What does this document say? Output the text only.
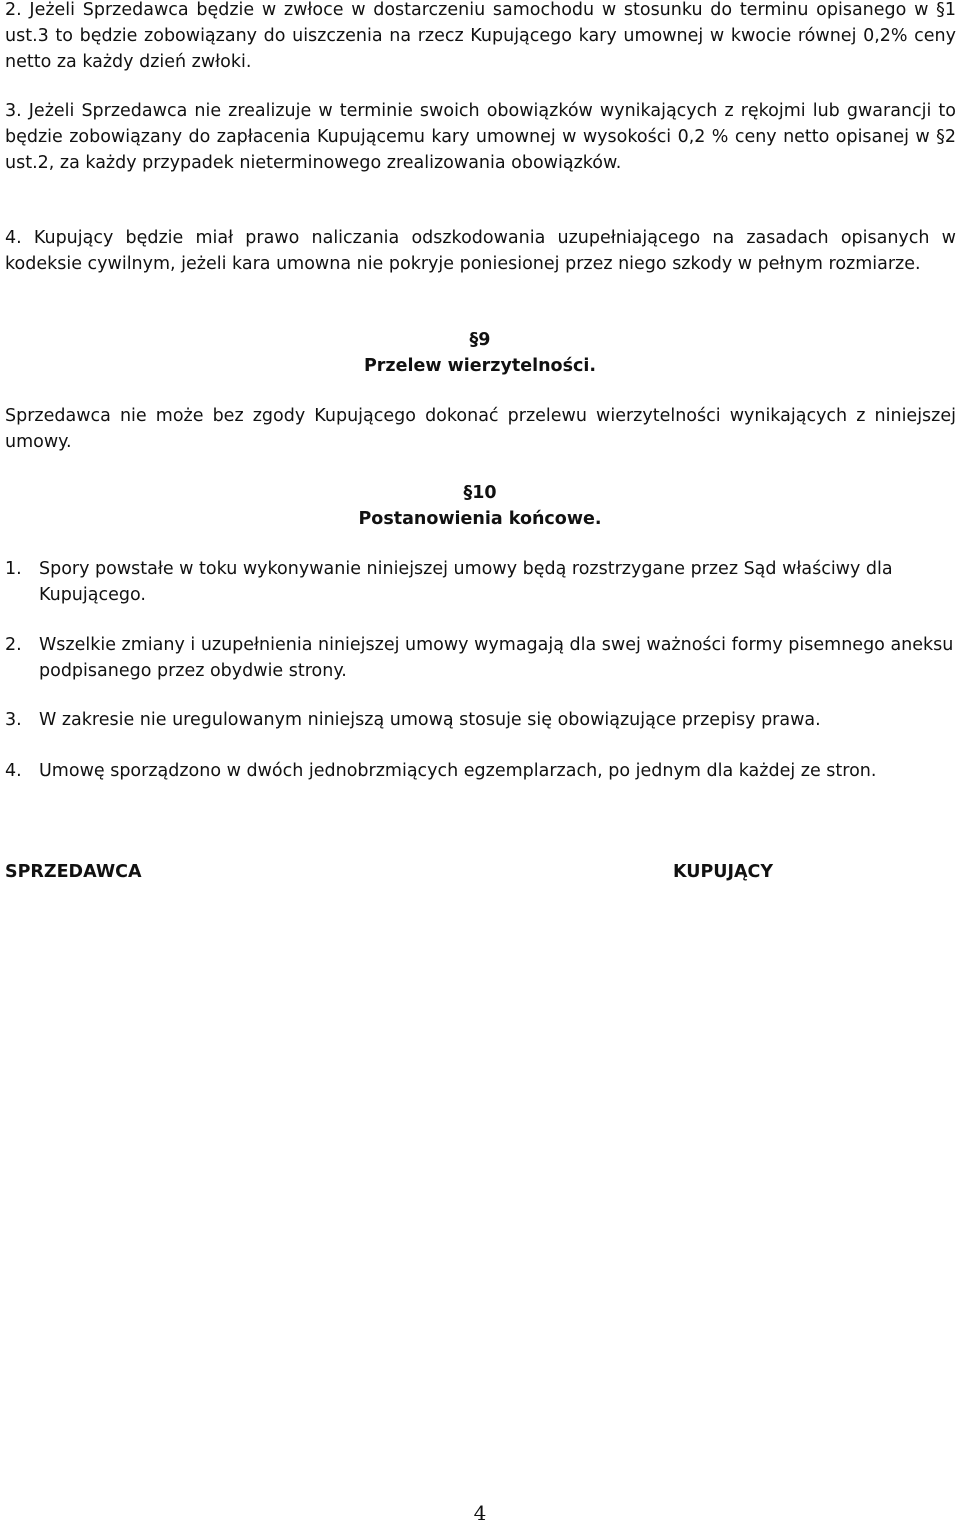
2. Jeżeli Sprzedawca będzie w zwłoce w dostarczeniu samochodu w stosunku do terminu opisanego w §1 ust.3 to będzie zobowiązany do uiszczenia na rzecz Kupującego kary umownej w kwocie równej 0,2% ceny netto za każdy dzień zwłoki.
3. Jeżeli Sprzedawca nie zrealizuje w terminie swoich obowiązków wynikających z rękojmi lub gwarancji to będzie zobowiązany do zapłacenia Kupującemu kary umownej w wysokości 0,2 % ceny netto opisanej w §2 ust.2, za każdy przypadek nieterminowego zrealizowania obowiązków.
4. Kupujący będzie miał prawo naliczania odszkodowania uzupełniającego na zasadach opisanych w kodeksie cywilnym, jeżeli kara umowna nie pokryje poniesionej przez niego szkody w pełnym rozmiarze.
§9
Przelew wierzytelności.
Sprzedawca nie może bez zgody Kupującego dokonać przelewu wierzytelności wynikających z niniejszej umowy.
§10
Postanowienia końcowe.
1. Spory powstałe w toku wykonywanie niniejszej umowy będą rozstrzygane przez Sąd właściwy dla Kupującego.
2. Wszelkie zmiany i uzupełnienia niniejszej umowy wymagają dla swej ważności formy pisemnego aneksu podpisanego przez obydwie strony.
3. W zakresie nie uregulowanym niniejszą umową stosuje się obowiązujące przepisy prawa.
4. Umowę sporządzono w dwóch jednobrzmiących egzemplarzach, po jednym dla każdej ze stron.
SPRZEDAWCA	KUPUJĄCY
4
